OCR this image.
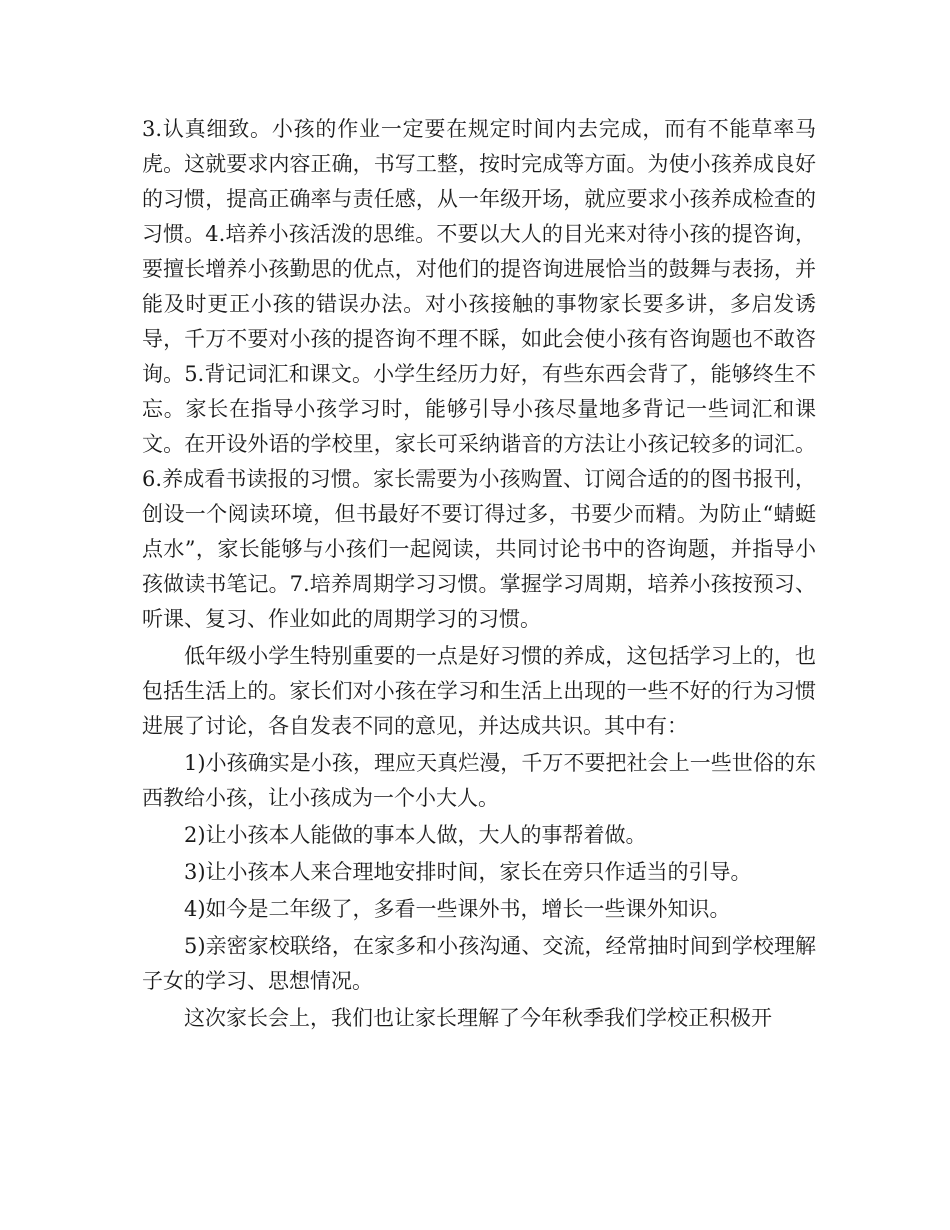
3.认真细致。小孩的作业一定要在规定时间内去完成，而有不能草率马虎。这就要求内容正确，书写工整，按时完成等方面。为使小孩养成良好的习惯，提高正确率与责任感，从一年级开场，就应要求小孩养成检查的习惯。4.培养小孩活泼的思维。不要以大人的目光来对待小孩的提咨询，要擅长增养小孩勤思的优点，对他们的提咨询进展恰当的鼓舞与表扬，并能及时更正小孩的错误办法。对小孩接触的事物家长要多讲，多启发诱导，千万不要对小孩的提咨询不理不睬，如此会使小孩有咨询题也不敢咨询。5.背记词汇和课文。小学生经历力好，有些东西会背了，能够终生不忘。家长在指导小孩学习时，能够引导小孩尽量地多背记一些词汇和课文。在开设外语的学校里，家长可采纳谐音的方法让小孩记较多的词汇。6.养成看书读报的习惯。家长需要为小孩购置、订阅合适的的图书报刊，创设一个阅读环境，但书最好不要订得过多，书要少而精。为防止“蜻蜓点水”，家长能够与小孩们一起阅读，共同讨论书中的咨询题，并指导小孩做读书笔记。7.培养周期学习习惯。掌握学习周期，培养小孩按预习、听课、复习、作业如此的周期学习的习惯。

低年级小学生特别重要的一点是好习惯的养成，这包括学习上的，也包括生活上的。家长们对小孩在学习和生活上出现的一些不好的行为习惯进展了讨论，各自发表不同的意见，并达成共识。其中有：

1)小孩确实是小孩，理应天真烂漫，千万不要把社会上一些世俗的东西教给小孩，让小孩成为一个小大人。

2)让小孩本人能做的事本人做，大人的事帮着做。

3)让小孩本人来合理地安排时间，家长在旁只作适当的引导。

4)如今是二年级了，多看一些课外书，增长一些课外知识。

5)亲密家校联络，在家多和小孩沟通、交流，经常抽时间到学校理解子女的学习、思想情况。

这次家长会上，我们也让家长理解了今年秋季我们学校正积极开
